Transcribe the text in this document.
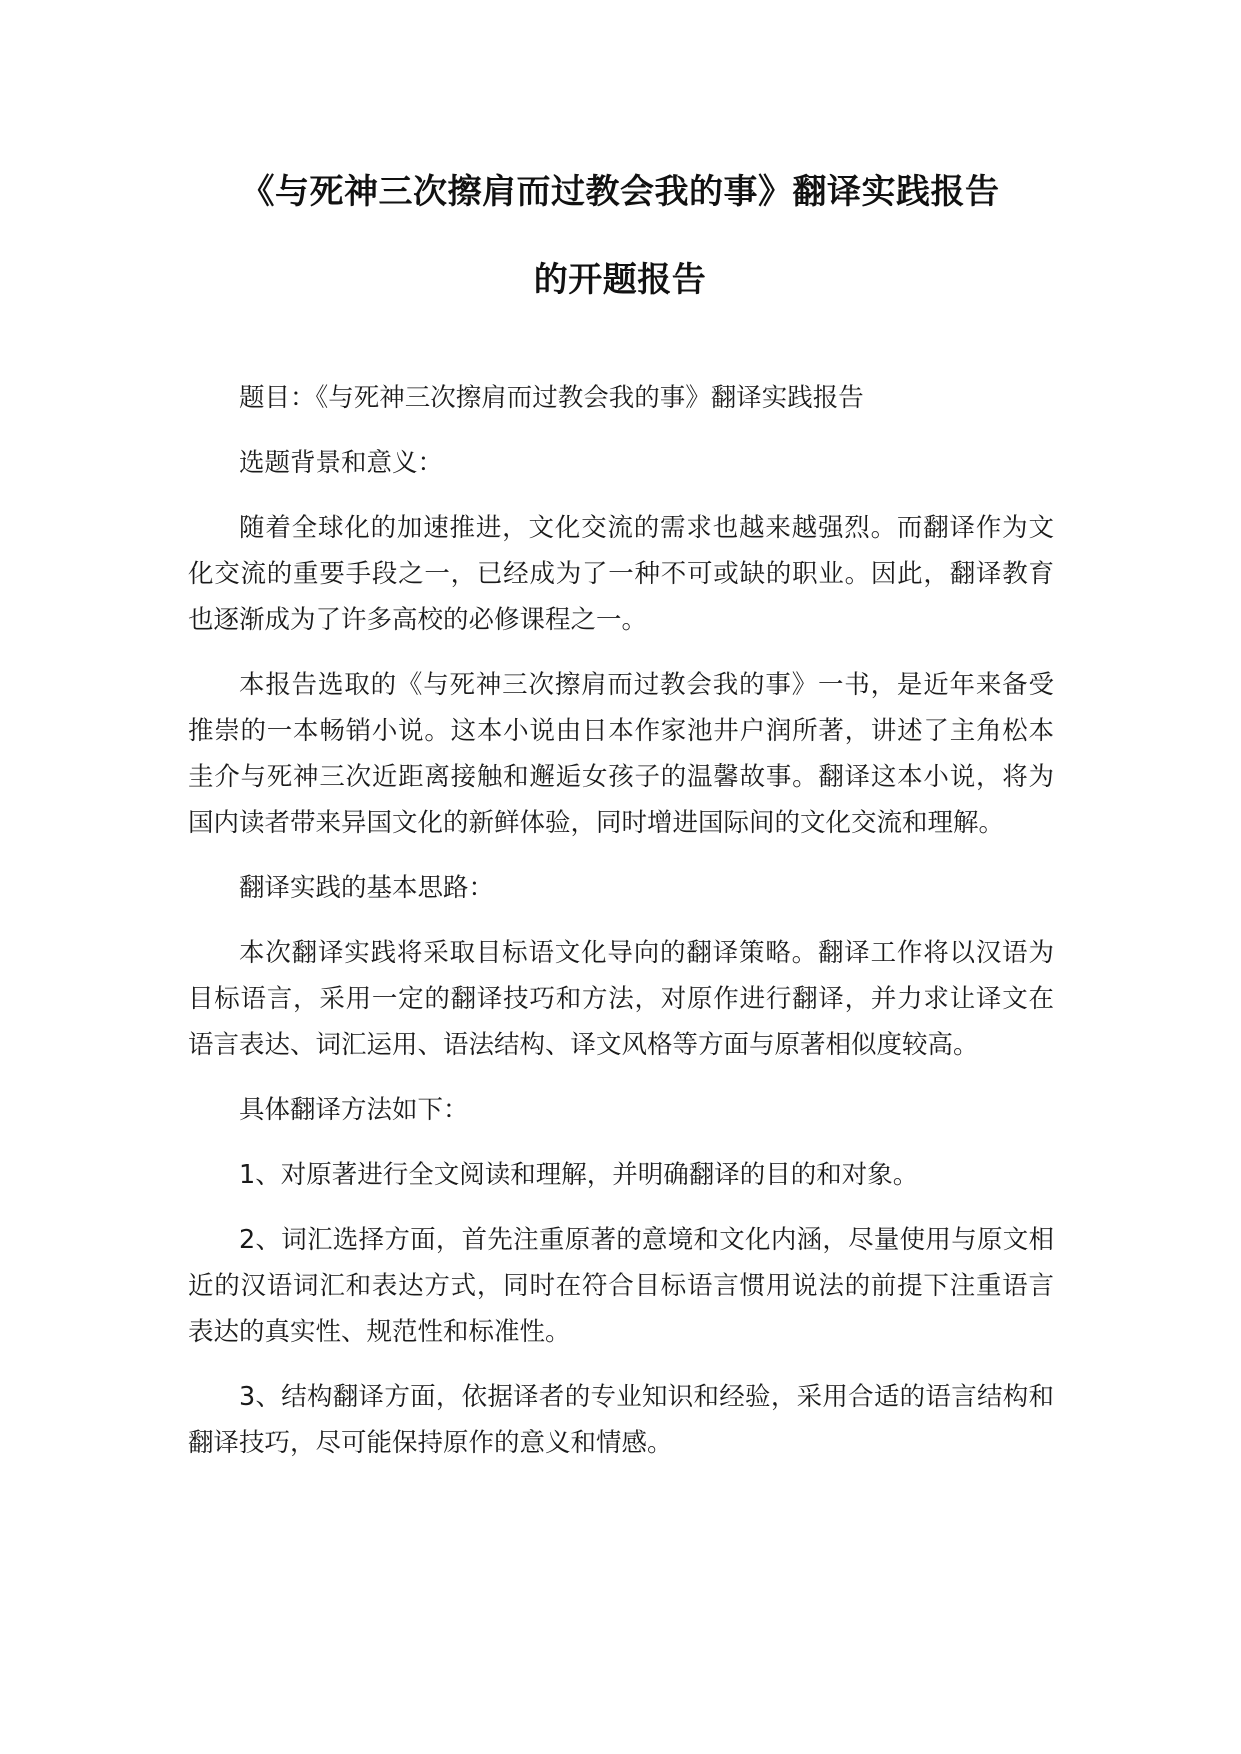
《与死神三次擦肩而过教会我的事》翻译实践报告
的开题报告

题目：《与死神三次擦肩而过教会我的事》翻译实践报告

选题背景和意义：

随着全球化的加速推进，文化交流的需求也越来越强烈。而翻译作为文化交流的重要手段之一，已经成为了一种不可或缺的职业。因此，翻译教育也逐渐成为了许多高校的必修课程之一。

本报告选取的《与死神三次擦肩而过教会我的事》一书，是近年来备受推崇的一本畅销小说。这本小说由日本作家池井户润所著，讲述了主角松本圭介与死神三次近距离接触和邂逅女孩子的温馨故事。翻译这本小说，将为国内读者带来异国文化的新鲜体验，同时增进国际间的文化交流和理解。

翻译实践的基本思路：

本次翻译实践将采取目标语文化导向的翻译策略。翻译工作将以汉语为目标语言，采用一定的翻译技巧和方法，对原作进行翻译，并力求让译文在语言表达、词汇运用、语法结构、译文风格等方面与原著相似度较高。

具体翻译方法如下：

1、对原著进行全文阅读和理解，并明确翻译的目的和对象。

2、词汇选择方面，首先注重原著的意境和文化内涵，尽量使用与原文相近的汉语词汇和表达方式，同时在符合目标语言惯用说法的前提下注重语言表达的真实性、规范性和标准性。

3、结构翻译方面，依据译者的专业知识和经验，采用合适的语言结构和翻译技巧，尽可能保持原作的意义和情感。
